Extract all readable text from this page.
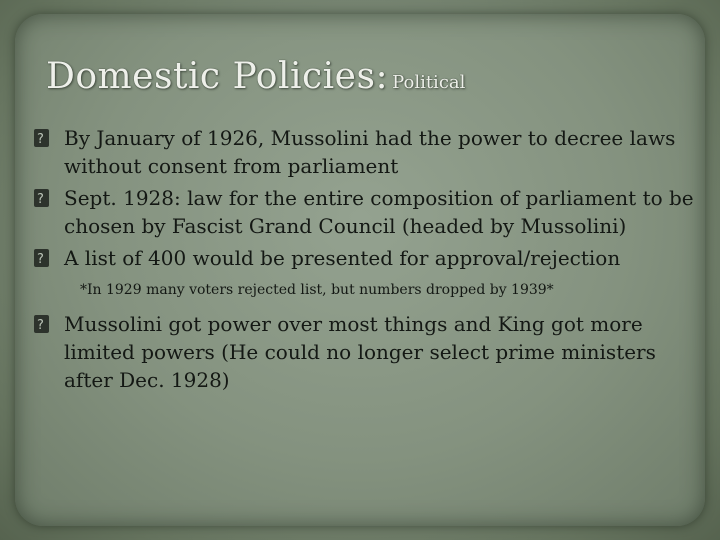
Domestic Policies: Political
?
By January of 1926, Mussolini had the power to decree laws without consent from parliament
?
Sept. 1928: law for the entire composition of parliament to be chosen by Fascist Grand Council (headed by Mussolini)
?
A list of 400 would be presented for approval/rejection
*In 1929 many voters rejected list, but numbers dropped by 1939*
?
Mussolini got power over most things and King got more limited powers (He could no longer select prime ministers after Dec. 1928)
